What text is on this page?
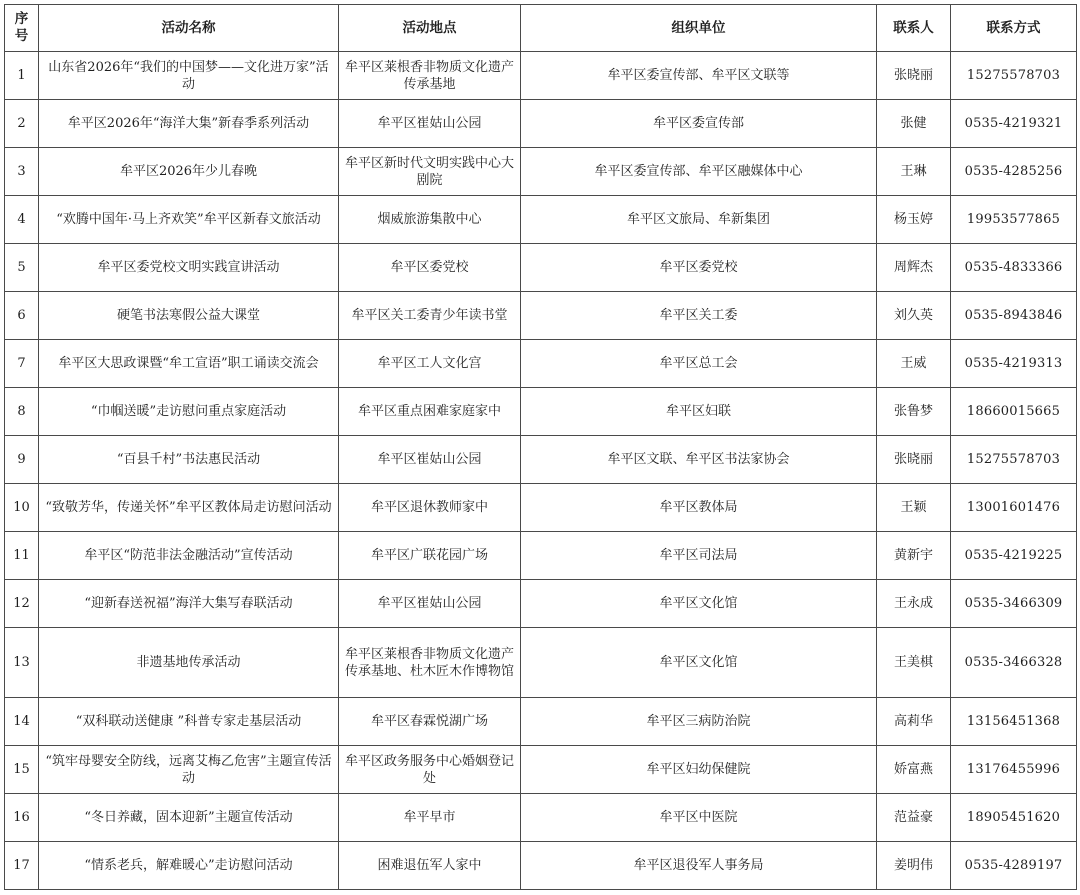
序号	活动名称	活动地点	组织单位	联系人	联系方式
1	山东省2026年“我们的中国梦——文化进万家”活动	牟平区莱根香非物质文化遗产传承基地	牟平区委宣传部、牟平区文联等	张晓丽	15275578703
2	牟平区2026年“海洋大集”新春季系列活动	牟平区崔姑山公园	牟平区委宣传部	张健	0535-4219321
3	牟平区2026年少儿春晚	牟平区新时代文明实践中心大剧院	牟平区委宣传部、牟平区融媒体中心	王琳	0535-4285256
4	“欢腾中国年·马上齐欢笑”牟平区新春文旅活动	烟威旅游集散中心	牟平区文旅局、牟新集团	杨玉婷	19953577865
5	牟平区委党校文明实践宣讲活动	牟平区委党校	牟平区委党校	周辉杰	0535-4833366
6	硬笔书法寒假公益大课堂	牟平区关工委青少年读书堂	牟平区关工委	刘久英	0535-8943846
7	牟平区大思政课暨“牟工宣语”职工诵读交流会	牟平区工人文化宫	牟平区总工会	王威	0535-4219313
8	“巾帼送暖”走访慰问重点家庭活动	牟平区重点困难家庭家中	牟平区妇联	张鲁梦	18660015665
9	“百县千村”书法惠民活动	牟平区崔姑山公园	牟平区文联、牟平区书法家协会	张晓丽	15275578703
10	“致敬芳华，传递关怀”牟平区教体局走访慰问活动	牟平区退休教师家中	牟平区教体局	王颖	13001601476
11	牟平区“防范非法金融活动”宣传活动	牟平区广联花园广场	牟平区司法局	黄新宇	0535-4219225
12	“迎新春送祝福”海洋大集写春联活动	牟平区崔姑山公园	牟平区文化馆	王永成	0535-3466309
13	非遗基地传承活动	牟平区莱根香非物质文化遗产传承基地、杜木匠木作博物馆	牟平区文化馆	王美棋	0535-3466328
14	“双科联动送健康 ”科普专家走基层活动	牟平区春霖悦湖广场	牟平区三病防治院	高莉华	13156451368
15	“筑牢母婴安全防线，远离艾梅乙危害”主题宣传活动	牟平区政务服务中心婚姻登记处	牟平区妇幼保健院	娇富燕	13176455996
16	“冬日养藏，固本迎新”主题宣传活动	牟平早市	牟平区中医院	范益豪	18905451620
17	“情系老兵，解难暖心”走访慰问活动	困难退伍军人家中	牟平区退役军人事务局	姜明伟	0535-4289197
